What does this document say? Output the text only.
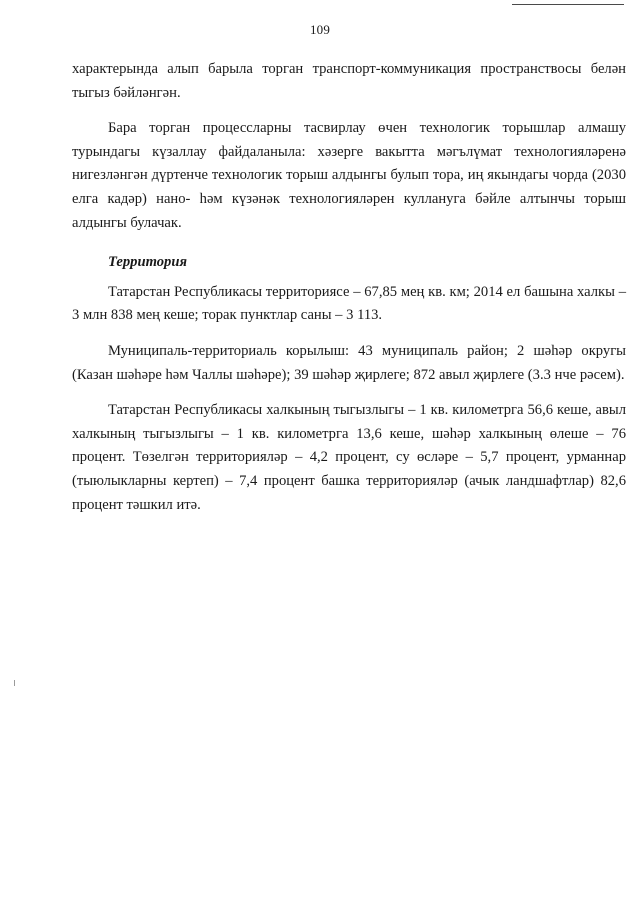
109

характерында алып барыла торган транспорт-коммуникация пространствосы белән тыгыз бәйләнгән.

Бара торган процессларны тасвирлау өчен технологик торышлар алмашу турындагы күзаллау файдаланыла: хәзерге вакытта мәгълүмат технологияләренә нигезләнгән дүртенче технологик торыш алдынгы булып тора, иң якындагы чорда (2030 елга кадәр) нано- һәм күзәнәк технологияләрен куллануга бәйле алтынчы торыш алдынгы булачак.

Территория

Татарстан Республикасы территориясе – 67,85 мең кв. км; 2014 ел башына халкы – 3 млн 838 мең кеше; торак пунктлар саны – 3 113.

Муниципаль-территориаль корылыш: 43 муниципаль район; 2 шәһәр округы (Казан шәһәре һәм Чаллы шәһәре); 39 шәһәр җирлеге; 872 авыл җирлеге (3.3 нче рәсем).

Татарстан Республикасы халкының тыгызлыгы – 1 кв. километрга 56,6 кеше, авыл халкының тыгызлыгы – 1 кв. километрга 13,6 кеше, шәһәр халкының өлеше – 76 процент. Төзелгән территорияләр – 4,2 процент, су өсләре – 5,7 процент, урманнар (тыюлыкларны кертеп) – 7,4 процент башка территорияләр (ачык ландшафтлар) 82,6 процент тәшкил итә.
